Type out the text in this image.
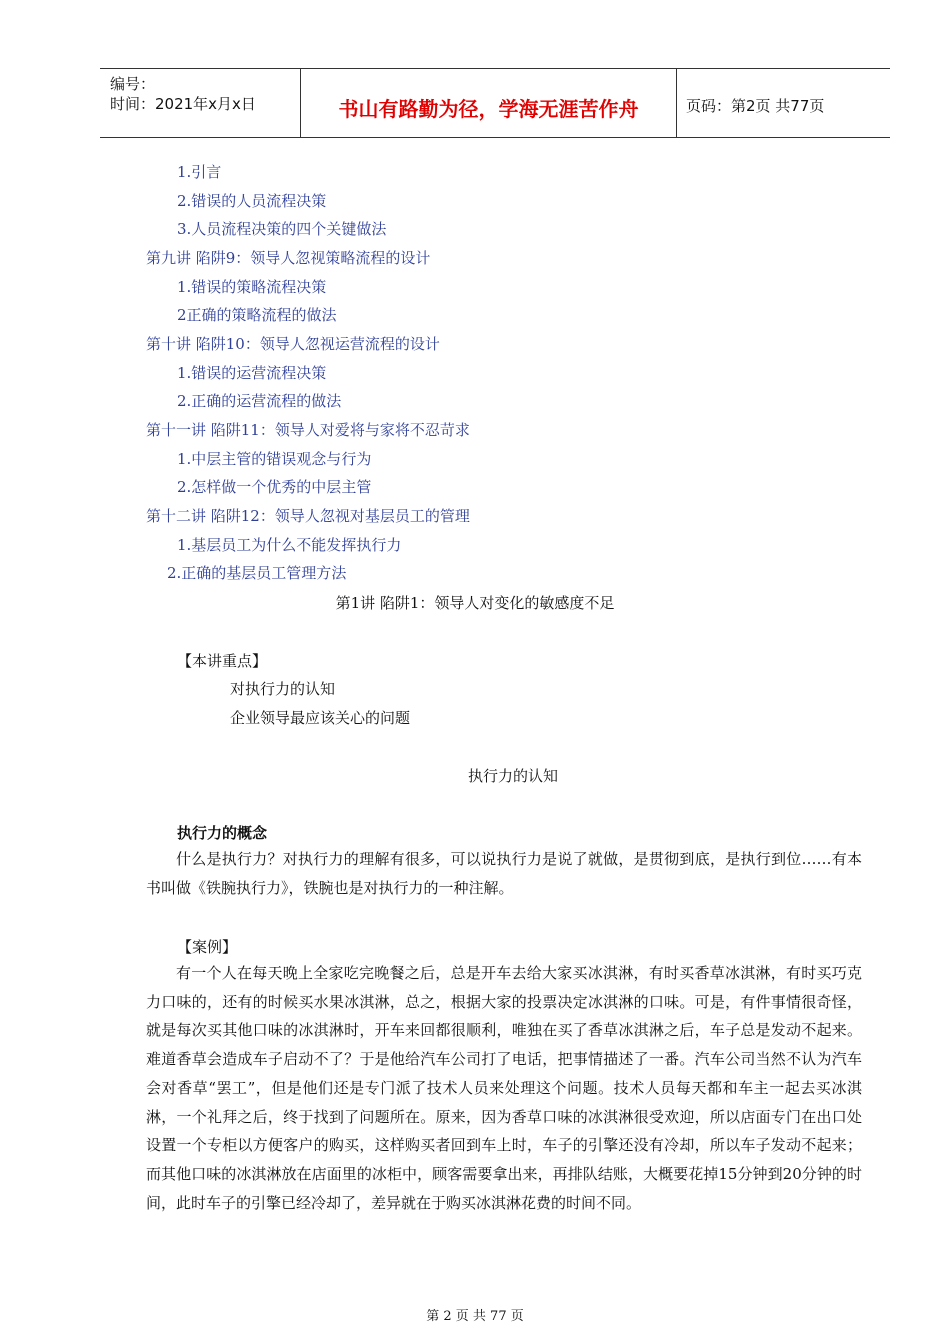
编号：
时间：2021年x月x日	书山有路勤为径，学海无涯苦作舟	页码：第2页 共77页
1.引言
2.错误的人员流程决策
3.人员流程决策的四个关键做法
第九讲 陷阱9：领导人忽视策略流程的设计
1.错误的策略流程决策
2正确的策略流程的做法
第十讲 陷阱10：领导人忽视运营流程的设计
1.错误的运营流程决策
2.正确的运营流程的做法
第十一讲 陷阱11：领导人对爱将与家将不忍苛求
1.中层主管的错误观念与行为
2.怎样做一个优秀的中层主管
第十二讲 陷阱12：领导人忽视对基层员工的管理
1.基层员工为什么不能发挥执行力
2.正确的基层员工管理方法
第1讲 陷阱1：领导人对变化的敏感度不足
【本讲重点】
对执行力的认知
企业领导最应该关心的问题
执行力的认知
执行力的概念
什么是执行力？对执行力的理解有很多，可以说执行力是说了就做，是贯彻到底，是执行到位……有本书叫做《铁腕执行力》，铁腕也是对执行力的一种注解。
【案例】
有一个人在每天晚上全家吃完晚餐之后，总是开车去给大家买冰淇淋，有时买香草冰淇淋，有时买巧克力口味的，还有的时候买水果冰淇淋，总之，根据大家的投票决定冰淇淋的口味。可是，有件事情很奇怪，就是每次买其他口味的冰淇淋时，开车来回都很顺利，唯独在买了香草冰淇淋之后，车子总是发动不起来。难道香草会造成车子启动不了？于是他给汽车公司打了电话，把事情描述了一番。汽车公司当然不认为汽车会对香草“罢工”，但是他们还是专门派了技术人员来处理这个问题。技术人员每天都和车主一起去买冰淇淋，一个礼拜之后，终于找到了问题所在。原来，因为香草口味的冰淇淋很受欢迎，所以店面专门在出口处设置一个专柜以方便客户的购买，这样购买者回到车上时，车子的引擎还没有冷却，所以车子发动不起来；而其他口味的冰淇淋放在店面里的冰柜中，顾客需要拿出来，再排队结账，大概要花掉15分钟到20分钟的时间，此时车子的引擎已经冷却了，差异就在于购买冰淇淋花费的时间不同。
第 2 页 共 77 页
